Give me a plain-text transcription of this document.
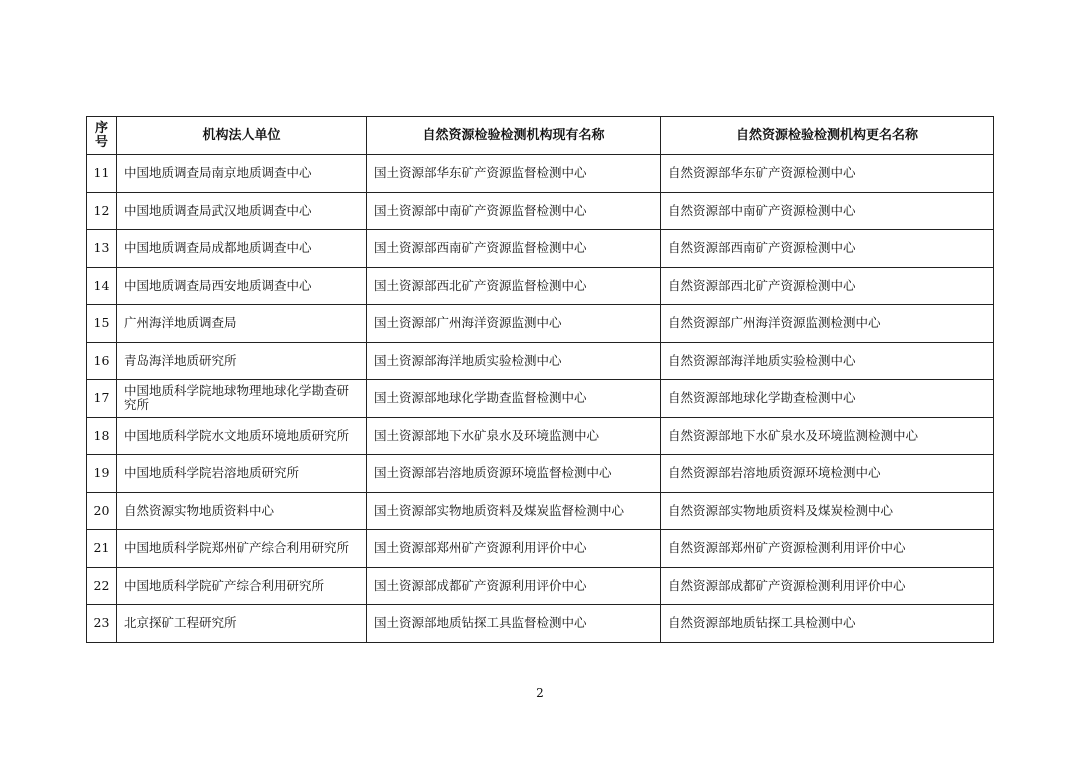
序号	机构法人单位	自然资源检验检测机构现有名称	自然资源检验检测机构更名名称
11	中国地质调查局南京地质调查中心	国土资源部华东矿产资源监督检测中心	自然资源部华东矿产资源检测中心
12	中国地质调查局武汉地质调查中心	国土资源部中南矿产资源监督检测中心	自然资源部中南矿产资源检测中心
13	中国地质调查局成都地质调查中心	国土资源部西南矿产资源监督检测中心	自然资源部西南矿产资源检测中心
14	中国地质调查局西安地质调查中心	国土资源部西北矿产资源监督检测中心	自然资源部西北矿产资源检测中心
15	广州海洋地质调查局	国土资源部广州海洋资源监测中心	自然资源部广州海洋资源监测检测中心
16	青岛海洋地质研究所	国土资源部海洋地质实验检测中心	自然资源部海洋地质实验检测中心
17	中国地质科学院地球物理地球化学勘查研究所	国土资源部地球化学勘查监督检测中心	自然资源部地球化学勘查检测中心
18	中国地质科学院水文地质环境地质研究所	国土资源部地下水矿泉水及环境监测中心	自然资源部地下水矿泉水及环境监测检测中心
19	中国地质科学院岩溶地质研究所	国土资源部岩溶地质资源环境监督检测中心	自然资源部岩溶地质资源环境检测中心
20	自然资源实物地质资料中心	国土资源部实物地质资料及煤炭监督检测中心	自然资源部实物地质资料及煤炭检测中心
21	中国地质科学院郑州矿产综合利用研究所	国土资源部郑州矿产资源利用评价中心	自然资源部郑州矿产资源检测利用评价中心
22	中国地质科学院矿产综合利用研究所	国土资源部成都矿产资源利用评价中心	自然资源部成都矿产资源检测利用评价中心
23	北京探矿工程研究所	国土资源部地质钻探工具监督检测中心	自然资源部地质钻探工具检测中心
2
